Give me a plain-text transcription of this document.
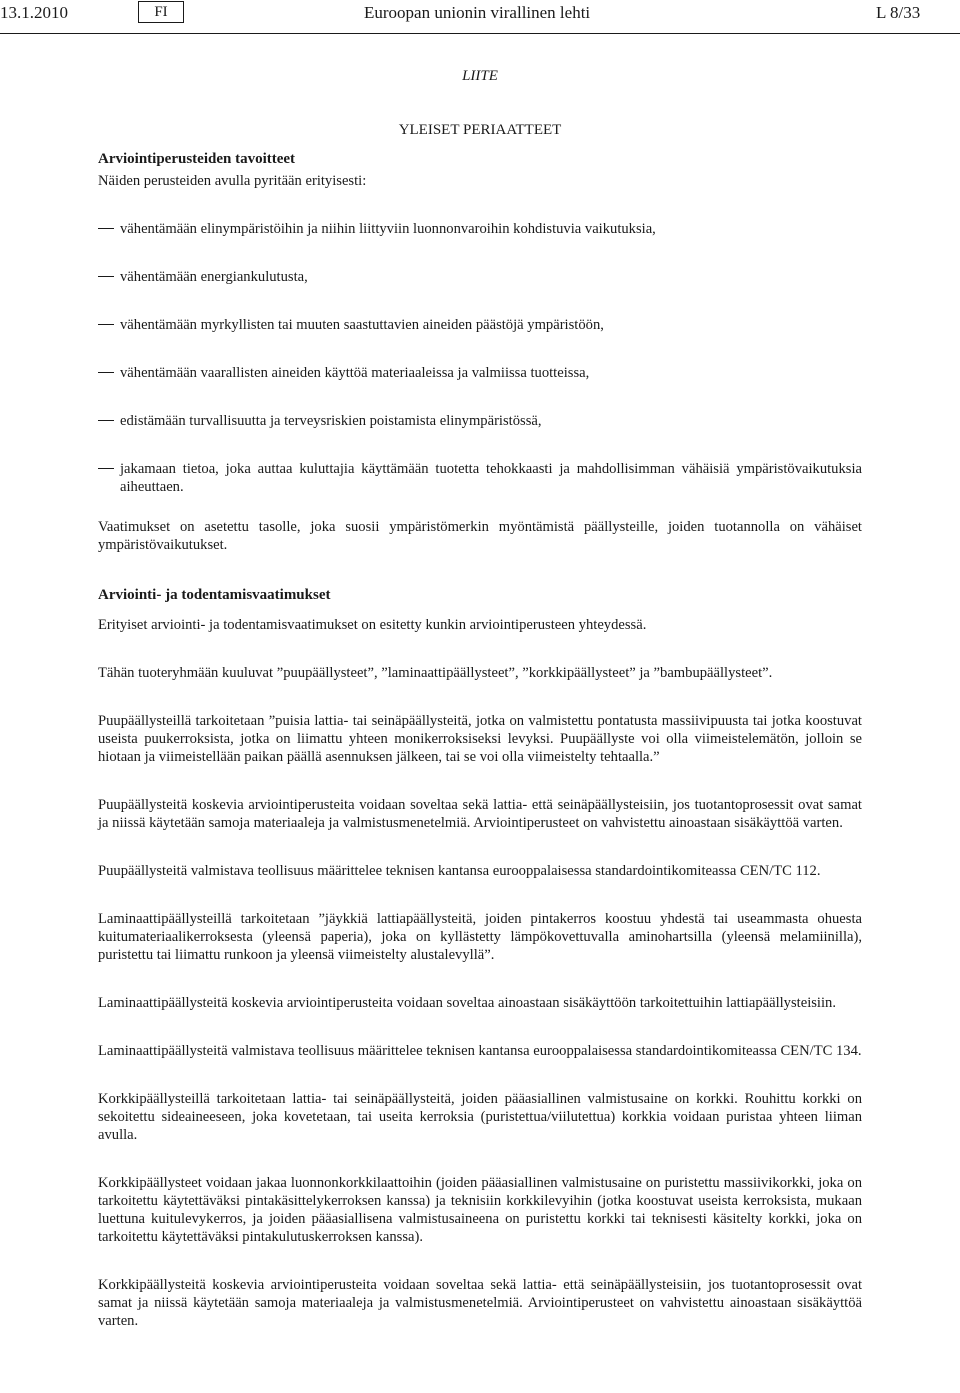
13.1.2010	FI	Euroopan unionin virallinen lehti	L 8/33
LIITE
YLEISET PERIAATTEET
Arviointiperusteiden tavoitteet

Näiden perusteiden avulla pyritään erityisesti:

vähentämään elinympäristöihin ja niihin liittyviin luonnonvaroihin kohdistuvia vaikutuksia,
vähentämään energiankulutusta,
vähentämään myrkyllisten tai muuten saastuttavien aineiden päästöjä ympäristöön,
vähentämään vaarallisten aineiden käyttöä materiaaleissa ja valmiissa tuotteissa,
edistämään turvallisuutta ja terveysriskien poistamista elinympäristössä,
jakamaan tietoa, joka auttaa kuluttajia käyttämään tuotetta tehokkaasti ja mahdollisimman vähäisiä ympäristövaikutuksia aiheuttaen.

Vaatimukset on asetettu tasolle, joka suosii ympäristömerkin myöntämistä päällysteille, joiden tuotannolla on vähäiset ympäristövaikutukset.

Arviointi- ja todentamisvaatimukset

Erityiset arviointi- ja todentamisvaatimukset on esitetty kunkin arviointiperusteen yhteydessä.

Tähän tuoteryhmään kuuluvat ”puupäällysteet”, ”laminaattipäällysteet”, ”korkkipäällysteet” ja ”bambupäällysteet”.

Puupäällysteillä tarkoitetaan ”puisia lattia- tai seinäpäällysteitä, jotka on valmistettu pontatusta massiivipuusta tai jotka koostuvat useista puukerroksista, jotka on liimattu yhteen monikerroksiseksi levyksi. Puupäällyste voi olla viimeistelemätön, jolloin se hiotaan ja viimeistellään paikan päällä asennuksen jälkeen, tai se voi olla viimeistelty tehtaalla.”

Puupäällysteitä koskevia arviointiperusteita voidaan soveltaa sekä lattia- että seinäpäällysteisiin, jos tuotantoprosessit ovat samat ja niissä käytetään samoja materiaaleja ja valmistusmenetelmiä. Arviointiperusteet on vahvistettu ainoastaan sisäkäyttöä varten.

Puupäällysteitä valmistava teollisuus määrittelee teknisen kantansa eurooppalaisessa standardointikomiteassa CEN/TC 112.

Laminaattipäällysteillä tarkoitetaan ”jäykkiä lattiapäällysteitä, joiden pintakerros koostuu yhdestä tai useammasta ohuesta kuitumateriaalikerroksesta (yleensä paperia), joka on kyllästetty lämpökovettuvalla aminohartsilla (yleensä melamiinilla), puristettu tai liimattu runkoon ja yleensä viimeistelty alustalevyllä”.

Laminaattipäällysteitä koskevia arviointiperusteita voidaan soveltaa ainoastaan sisäkäyttöön tarkoitettuihin lattiapäällysteisiin.

Laminaattipäällysteitä valmistava teollisuus määrittelee teknisen kantansa eurooppalaisessa standardointikomiteassa CEN/TC 134.

Korkkipäällysteillä tarkoitetaan lattia- tai seinäpäällysteitä, joiden pääasiallinen valmistusaine on korkki. Rouhittu korkki on sekoitettu sideaineeseen, joka kovetetaan, tai useita kerroksia (puristettua/viilutettua) korkkia voidaan puristaa yhteen liiman avulla.

Korkkipäällysteet voidaan jakaa luonnonkorkkilaattoihin (joiden pääasiallinen valmistusaine on puristettu massiivikorkki, joka on tarkoitettu käytettäväksi pintakäsittelykerroksen kanssa) ja teknisiin korkkilevyihin (jotka koostuvat useista kerroksista, mukaan luettuna kuitulevykerros, ja joiden pääasiallisena valmistusaineena on puristettu korkki tai teknisesti käsitelty korkki, joka on tarkoitettu käytettäväksi pintakulutuskerroksen kanssa).

Korkkipäällysteitä koskevia arviointiperusteita voidaan soveltaa sekä lattia- että seinäpäällysteisiin, jos tuotantoprosessit ovat samat ja niissä käytetään samoja materiaaleja ja valmistusmenetelmiä. Arviointiperusteet on vahvistettu ainoastaan sisäkäyttöä varten.
